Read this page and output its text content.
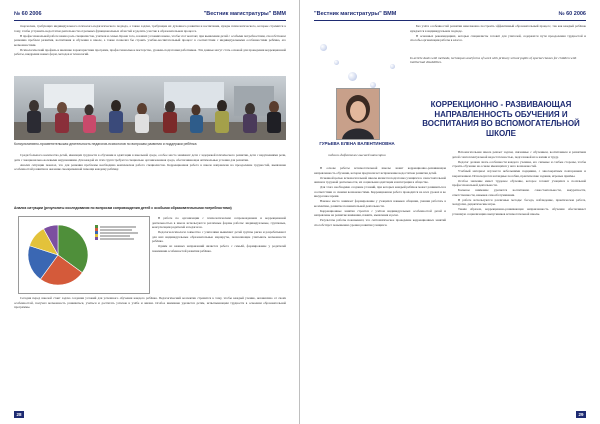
№ 60 2006	"Вестник магистратуры" ВММ

творческие, требующих индивидуального психолого-педагогического подхода, а также задачи, требующие их духовного развития и воспитания, нужды психологического, которые стремится к тому, чтобы устранить недостатки деятельности отдельных функциональных областей и уделять участие в образовательном процессе.

В профессиональной работе важна роль специалистов, учителя и семьи. Кроме того, в наших условиях важно, чтобы этот контакт, при выявлении детей с особыми потребностями, способствовал решению проблем развития, воспитания и обучения в школе, а также позволял бы строить учебно-воспитательный процесс в соответствии с индивидуальными особенностями ребёнка, его возможностями.

Психологический профиль и внешние характеристики программ, профессиональное мастерство, уровень подготовки работников. Эти данные могут стать основой для проведения коррекционной работы, внедрения новых форм, методов и технологий.

Консультативно-просветительская деятельность педагогов-психологов по вопросам развития и поддержки ребёнка

Среди большого количества детей, имеющих трудности в обучении и адаптации в школьной среде, особое место занимают дети с задержкой психического развития, дети с нарушениями речи, дети с эмоционально-волевыми нарушениями. Для каждой из этих групп требуется специально организованная среда, обеспечивающая оптимальные условия для развития.

Анализ ситуации показал, что для решения проблемы необходима комплексная работа специалистов. Коррекционная работа в школе направлена на преодоление трудностей, выявление особенностей развития и оказание своевременной помощи каждому ребёнку.

Анализ ситуации (результаты исследования по вопросам сопровождения детей с особыми образовательными потребностями)

В работе по организации с психологическим сопровождением и коррекционной деятельностью в школе используются различные формы работы: индивидуальные, групповые, консультации родителей и педагогов.

Педагоги-психологи совместно с учителями выявляют детей группы риска и разрабатывают для них индивидуальные образовательные маршруты, позволяющие учитывать возможности ребёнка.

Одним из важных направлений является работа с семьёй, формирование у родителей понимания особенностей развития ребёнка.

Сегодня перед школой стоит задача создания условий для успешного обучения каждого ребёнка. Педагогический коллектив стремится к тому, чтобы каждый ученик, независимо от своих особенностей, получил возможность развиваться, учиться и достигать успехов в учёбе и жизни. Особое внимание уделяется детям, испытывающим трудности в освоении образовательной программы.

28
"Вестник магистратуры" ВММ	№ 60 2006

Без учёта особенностей развития невозможно построить эффективный образовательный процесс, так как каждый ребёнок нуждается в индивидуальном подходе.

В основных рекомендациях, которые специалисты готовят для учителей, содержатся пути преодоления трудностей и способы организации работы в классе.

In article deals with methods, techniques and forms of work with primary school pupils of special classes for children with intellectual disabilities.
ГУРЬЕВА ЕЛЕНА ВАЛЕНТИНОВНА
педагог-дефектолог высшей категории
КОРРЕКЦИОННО - РАЗВИВАЮЩАЯ НАПРАВЛЕННОСТЬ ОБУЧЕНИЯ И ВОСПИТАНИЯ ВО ВСПОМОГАТЕЛЬНОЙ ШКОЛЕ

В основе работы вспомогательной школы лежит коррекционно-развивающая направленность обучения, которая предполагает исправление недостатков развития детей.

Основной целью вспомогательной школы является подготовка учащихся к самостоятельной жизни и трудовой деятельности, их социальная адаптация и интеграция в общество.

Для этого необходимо создание условий, при которых каждый ребёнок может развиваться в соответствии со своими возможностями. Коррекционная работа проводится на всех уроках и во внеурочное время.

Важное место занимает формирование у учащихся навыков общения, умения работать в коллективе, развитие познавательной деятельности.

Коррекционные занятия строятся с учётом индивидуальных особенностей детей и направлены на развитие внимания, памяти, мышления и речи.

Результаты работы показывают, что систематическое проведение коррекционных занятий способствует повышению уровня развития учащихся.

Вспомогательная школа решает задачи, связанные с обучением, воспитанием и развитием детей с интеллектуальной недостаточностью, подготовкой их к жизни и труду.

Педагог должен знать особенности каждого ученика, его сильные и слабые стороны, чтобы строить обучение на основе имеющихся у него возможностей.

Учебный материал изучается небольшими порциями, с многократным повторением и закреплением. Используются наглядные пособия, практические задания, игровые приёмы.

Особое значение имеет трудовое обучение, которое готовит учащихся к посильной профессиональной деятельности.

Большое внимание уделяется воспитанию самостоятельности, аккуратности, ответственности, навыков самообслуживания.

В работе используются различные методы: беседа, наблюдение, практическая работа, экскурсии, дидактические игры.

Таким образом, коррекционно-развивающая направленность обучения обеспечивает успешную социализацию выпускников вспомогательной школы.

29
